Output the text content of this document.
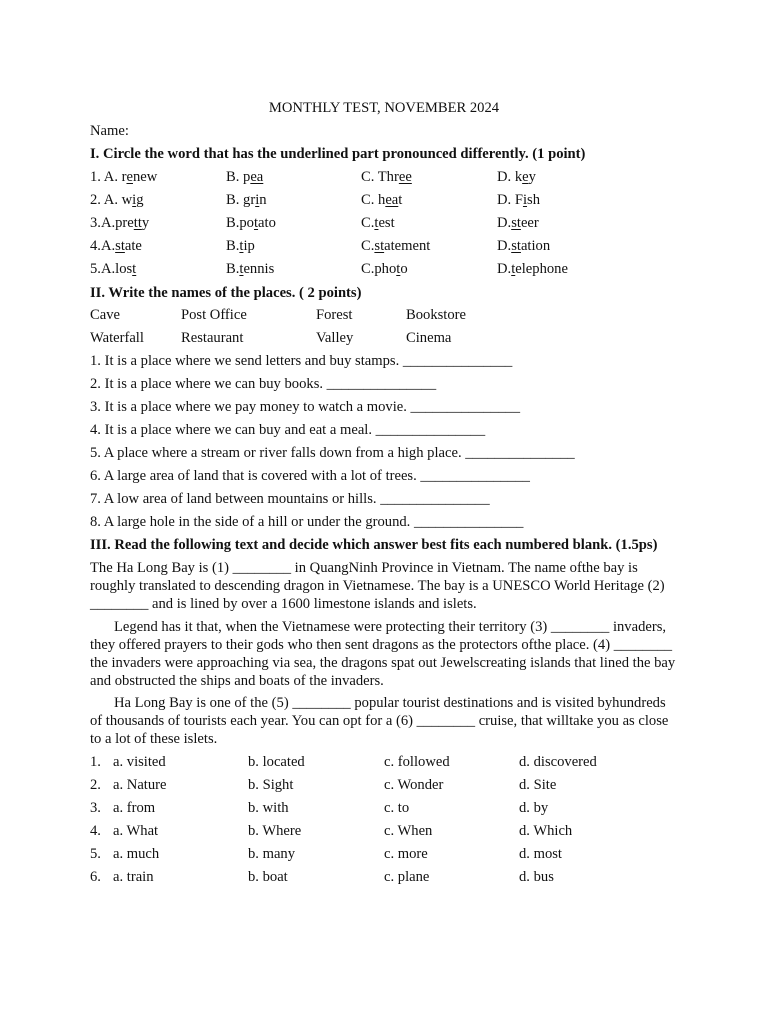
MONTHLY TEST, NOVEMBER 2024
Name:
I. Circle the word that has the underlined part pronounced differently. (1 point)
1. A. renew	B. pea	C. Three	D. key
2. A. wig	B. grin	C. heat	D. Fish
3.A.pretty	B.potato	C.test	D.steer
4.A.state	B.tip	C.statement	D.station
5.A.lost	B.tennis	C.photo	D.telephone
II. Write the names of the places. ( 2 points)
Cave	Post Office	Forest	Bookstore
Waterfall	Restaurant	Valley	Cinema
1. It is a place where we send letters and buy stamps. _______________
2. It is a place where we can buy books. _______________
3. It is a place where we pay money to watch a movie. _______________
4. It is a place where we can buy and eat a meal. _______________
5. A place where a stream or river falls down from a high place. _______________
6. A large area of land that is covered with a lot of trees. _______________
7. A low area of land between mountains or hills. _______________
8. A large hole in the side of a hill or under the ground. _______________
III. Read the following text and decide which answer best fits each numbered blank. (1.5ps)
The Ha Long Bay is (1) ________ in QuangNinh Province in Vietnam. The name ofthe bay is roughly translated to descending dragon in Vietnamese. The bay is a UNESCO World Heritage (2) ________ and is lined by over a 1600 limestone islands and islets.
Legend has it that, when the Vietnamese were protecting their territory (3) ________ invaders, they offered prayers to their gods who then sent dragons as the protectors ofthe place. (4) ________ the invaders were approaching via sea, the dragons spat out Jewelscreating islands that lined the bay and obstructed the ships and boats of the invaders.
Ha Long Bay is one of the (5) ________ popular tourist destinations and is visited byhundreds of thousands of tourists each year. You can opt for a (6) ________ cruise, that willtake you as close to a lot of these islets.
1. a. visited	b. located	c. followed	d. discovered
2. a. Nature	b. Sight	c. Wonder	d. Site
3. a. from	b. with	c. to	d. by
4. a. What	b. Where	c. When	d. Which
5. a. much	b. many	c. more	d. most
6. a. train	b. boat	c. plane	d. bus
